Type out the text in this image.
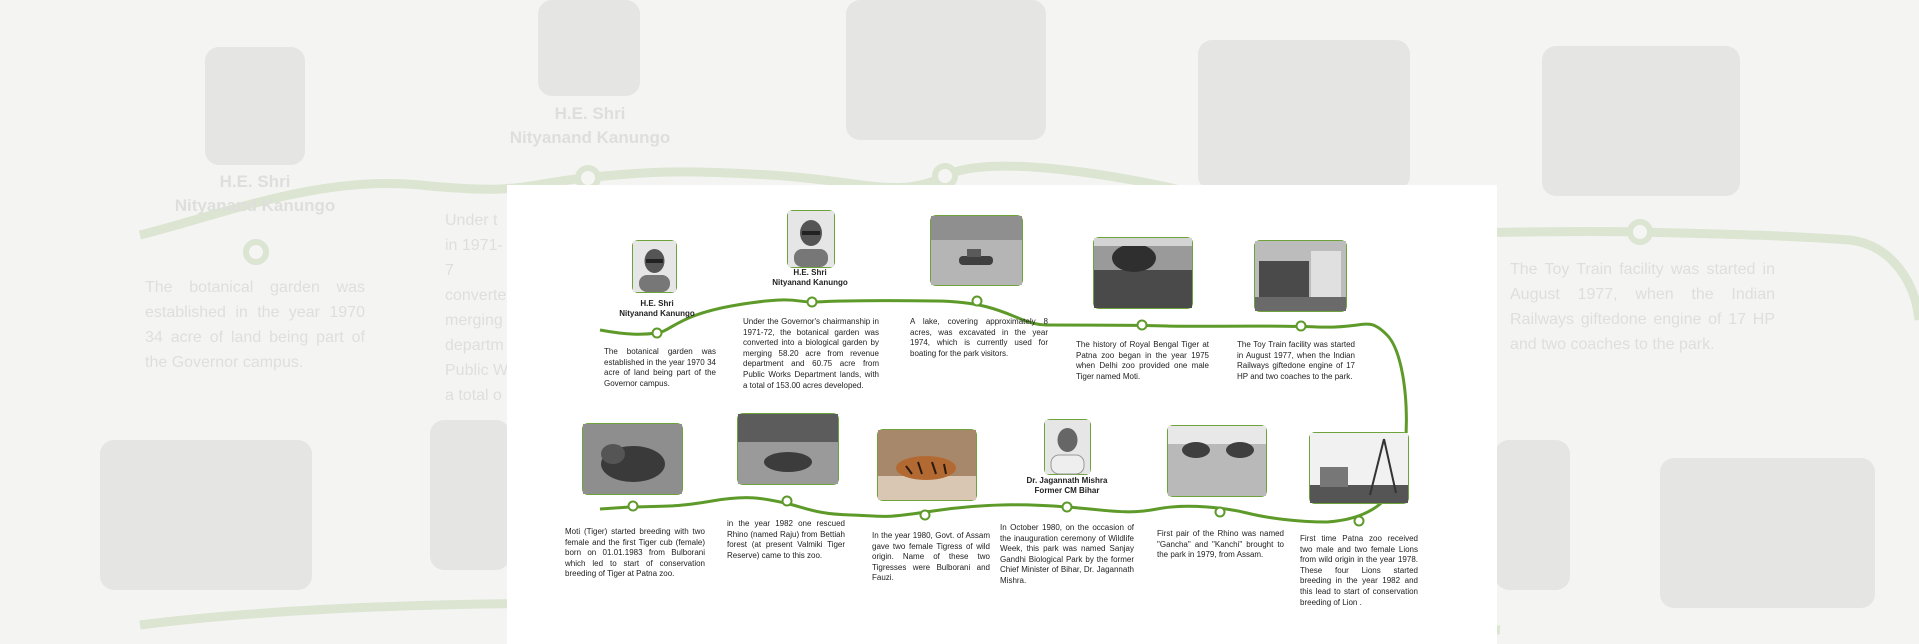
H.E. Shri
Nityanand Kanungo
H.E. Shri
Nityanand Kanungo
The botanical garden was established in the year 1970 34 acre of land being part of the Governor campus.
Under t in 1971-7 converte merging departm Public W a total o
The Toy Train facility was started in August 1977, when the Indian Railways giftedone engine of 17 HP and two coaches to the park.
H.E. Shri
Nityanand Kanungo
The botanical garden was established in the year 1970 34 acre of land being part of the Governor campus.
H.E. Shri
Nityanand Kanungo
Under the Governor's chairmanship in 1971-72, the botanical garden was converted into a biological garden by merging 58.20 acre from revenue department and 60.75 acre from Public Works Department lands, with a total of 153.00 acres developed.
A lake, covering approximately 8 acres, was excavated in the year 1974, which is currently used for boating for the park visitors.
The history of Royal Bengal Tiger at Patna zoo began in the year 1975 when Delhi zoo provided one male Tiger named Moti.
The Toy Train facility was started in August 1977, when the Indian Railways giftedone engine of 17 HP and two coaches to the park.
Moti (Tiger) started breeding with two female and the first Tiger cub (female) born on 01.01.1983 from Bulborani which led to start of conservation breeding of Tiger at Patna zoo.
in the year 1982 one rescued Rhino (named Raju) from Bettiah forest (at present Valmiki Tiger Reserve) came to this zoo.
In the year 1980, Govt. of Assam gave two female Tigress of wild origin. Name of these two Tigresses were Bulborani and Fauzi.
Dr. Jagannath Mishra
Former CM Bihar
In October 1980, on the occasion of the inauguration ceremony of Wildlife Week, this park was named Sanjay Gandhi Biological Park by the former Chief Minister of Bihar, Dr. Jagannath Mishra.
First pair of the Rhino was named "Gancha" and "Kanchi" brought to the park in 1979, from Assam.
First time Patna zoo received two male and two female Lions from wild origin in the year 1978. These four Lions started breeding in the year 1982 and this lead to start of conservation breeding of Lion .
